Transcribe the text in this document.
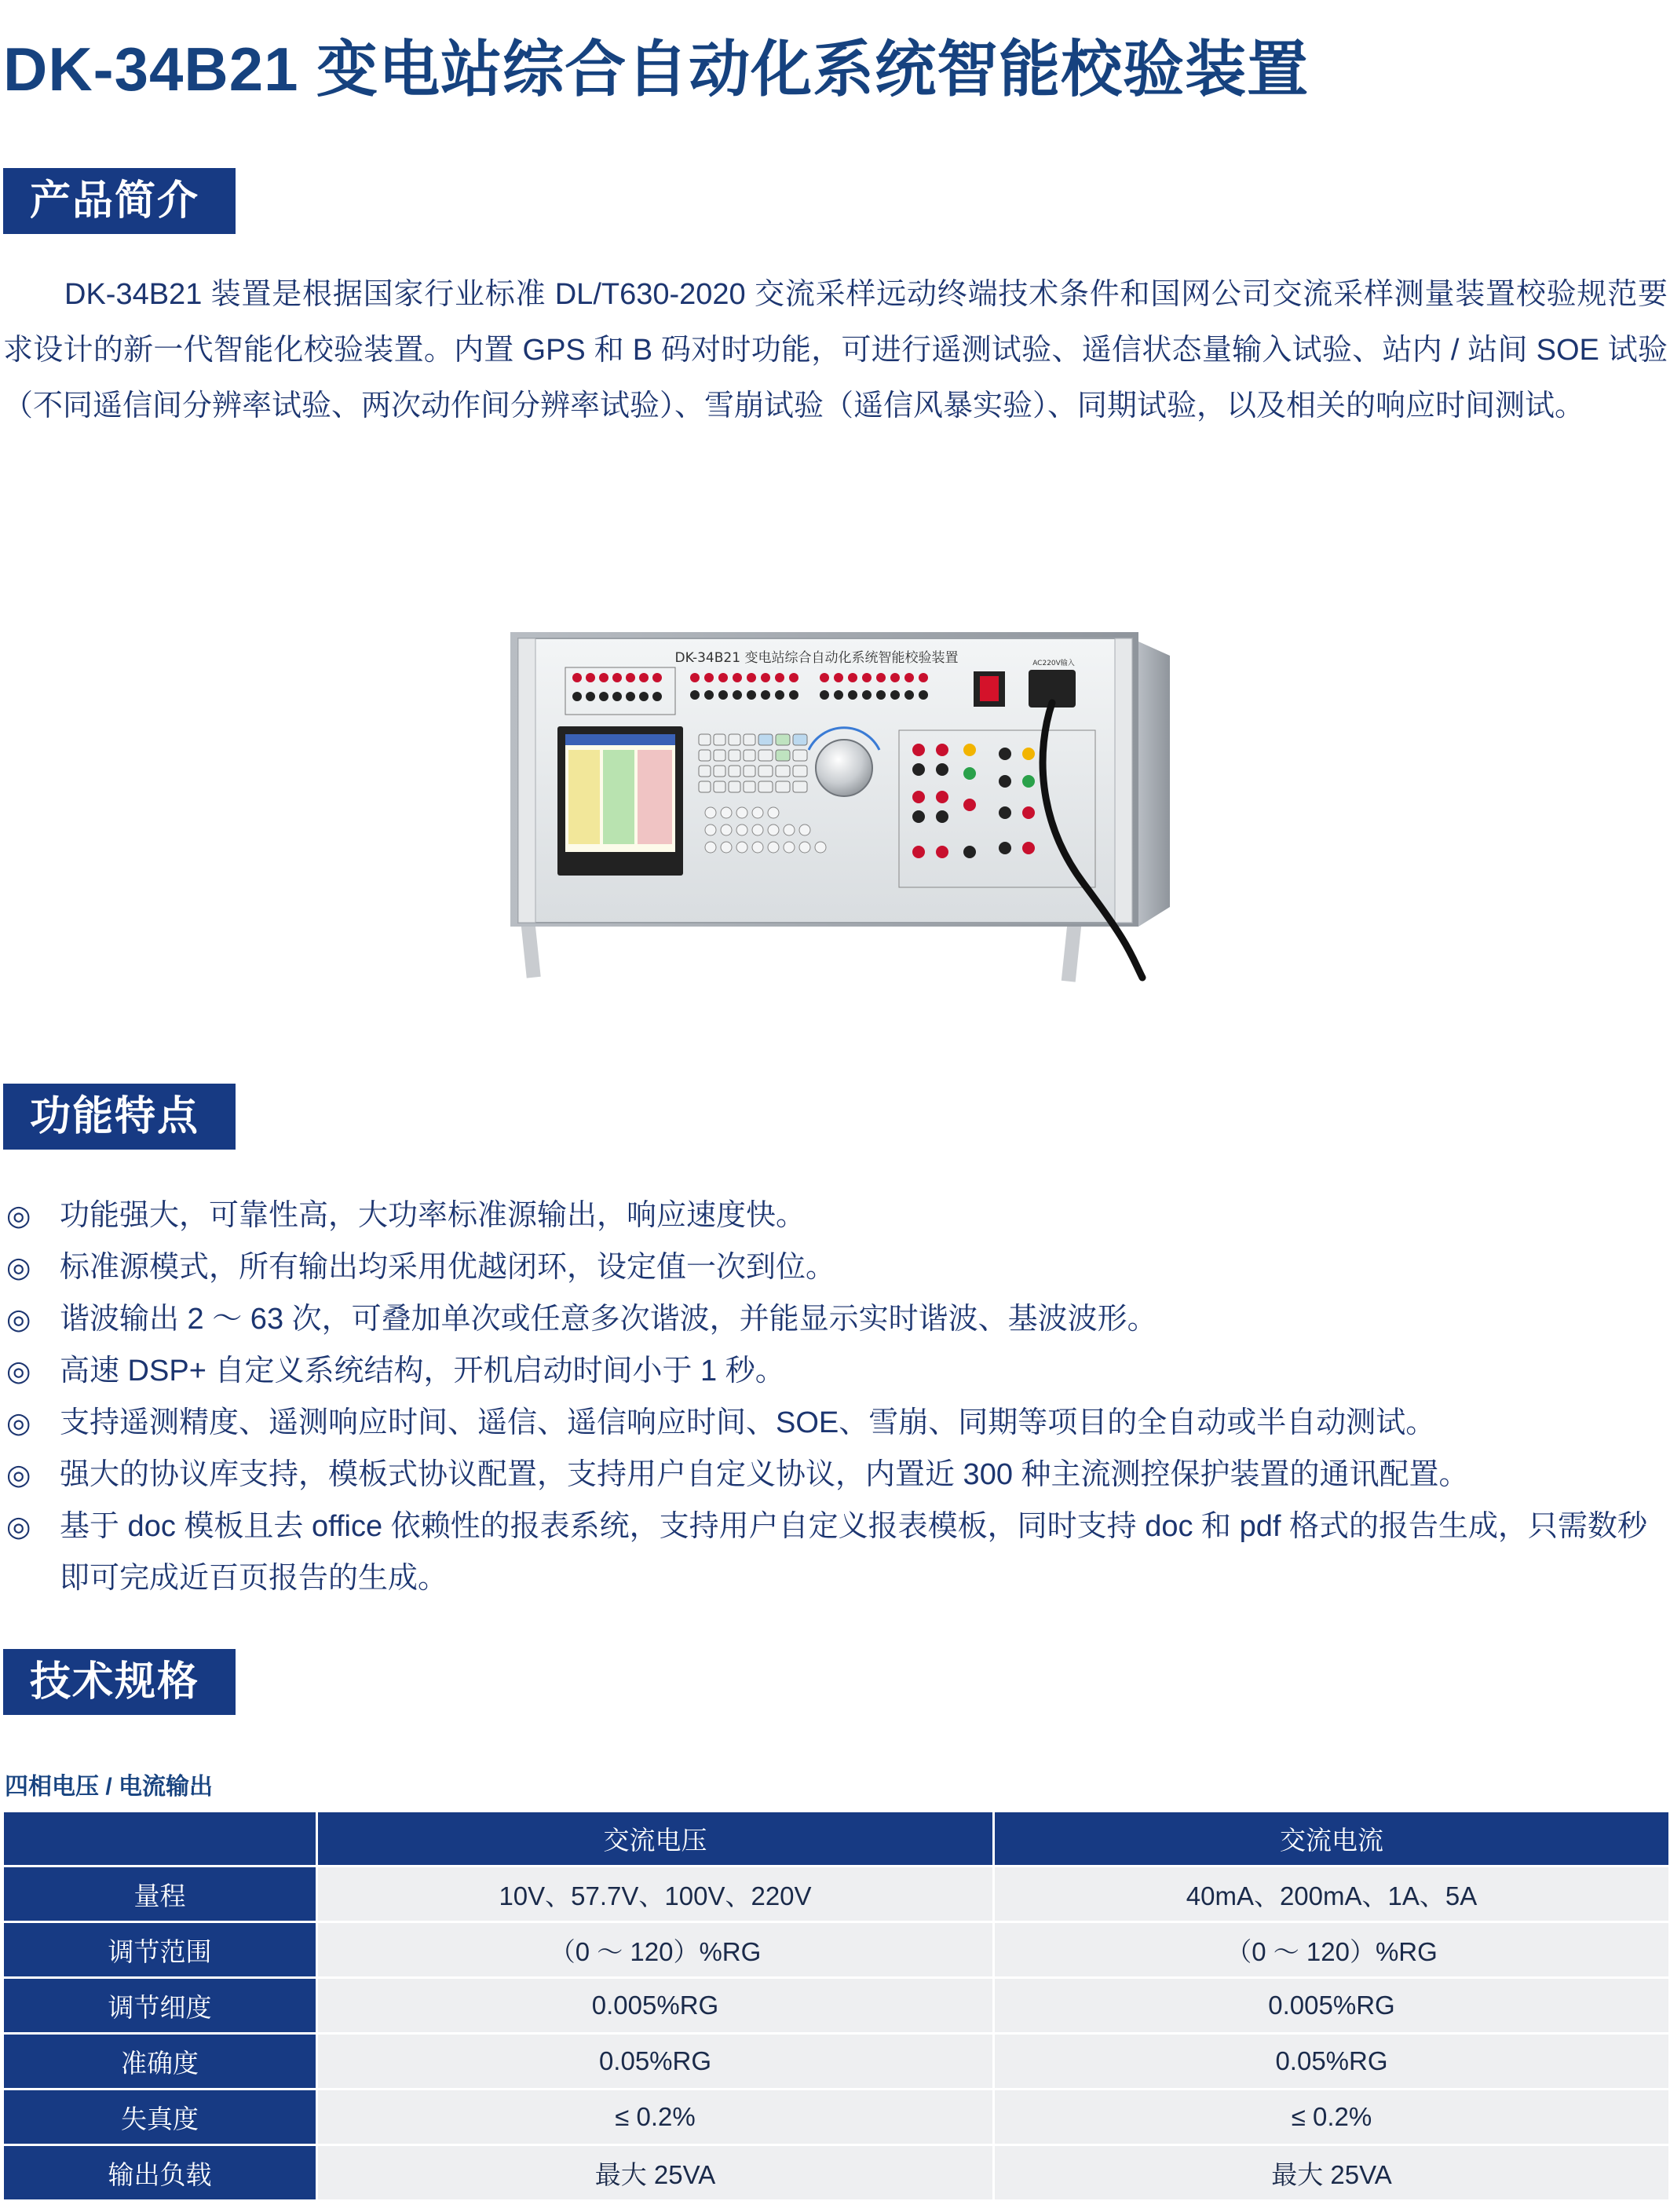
DK-34B21 变电站综合自动化系统智能校验装置
产品简介

DK-34B21 装置是根据国家行业标准 DL/T630-2020 交流采样远动终端技术条件和国网公司交流采样测量装置校验规范要求设计的新一代智能化校验装置。内置 GPS 和 B 码对时功能，可进行遥测试验、遥信状态量输入试验、站内 / 站间 SOE 试验（不同遥信间分辨率试验、两次动作间分辨率试验）、雪崩试验（遥信风暴实验）、同期试验，以及相关的响应时间测试。

DK-34B21 变电站综合自动化系统智能校验装置	AC220V输入
功能特点
◎ 功能强大，可靠性高，大功率标准源输出，响应速度快。
◎ 标准源模式，所有输出均采用优越闭环，设定值一次到位。
◎ 谐波输出 2 ～ 63 次，可叠加单次或任意多次谐波，并能显示实时谐波、基波波形。
◎ 高速 DSP+ 自定义系统结构，开机启动时间小于 1 秒。
◎ 支持遥测精度、遥测响应时间、遥信、遥信响应时间、SOE、雪崩、同期等项目的全自动或半自动测试。
◎ 强大的协议库支持，模板式协议配置，支持用户自定义协议，内置近 300 种主流测控保护装置的通讯配置。
◎ 基于 doc 模板且去 office 依赖性的报表系统，支持用户自定义报表模板，同时支持 doc 和 pdf 格式的报告生成，只需数秒即可完成近百页报告的生成。
技术规格
四相电压 / 电流输出
	交流电压	交流电流
量程	10V、57.7V、100V、220V	40mA、200mA、1A、5A
调节范围	（0 ～ 120）%RG	（0 ～ 120）%RG
调节细度	0.005%RG	0.005%RG
准确度	0.05%RG	0.05%RG
失真度	≤ 0.2%	≤ 0.2%
输出负载	最大 25VA	最大 25VA
